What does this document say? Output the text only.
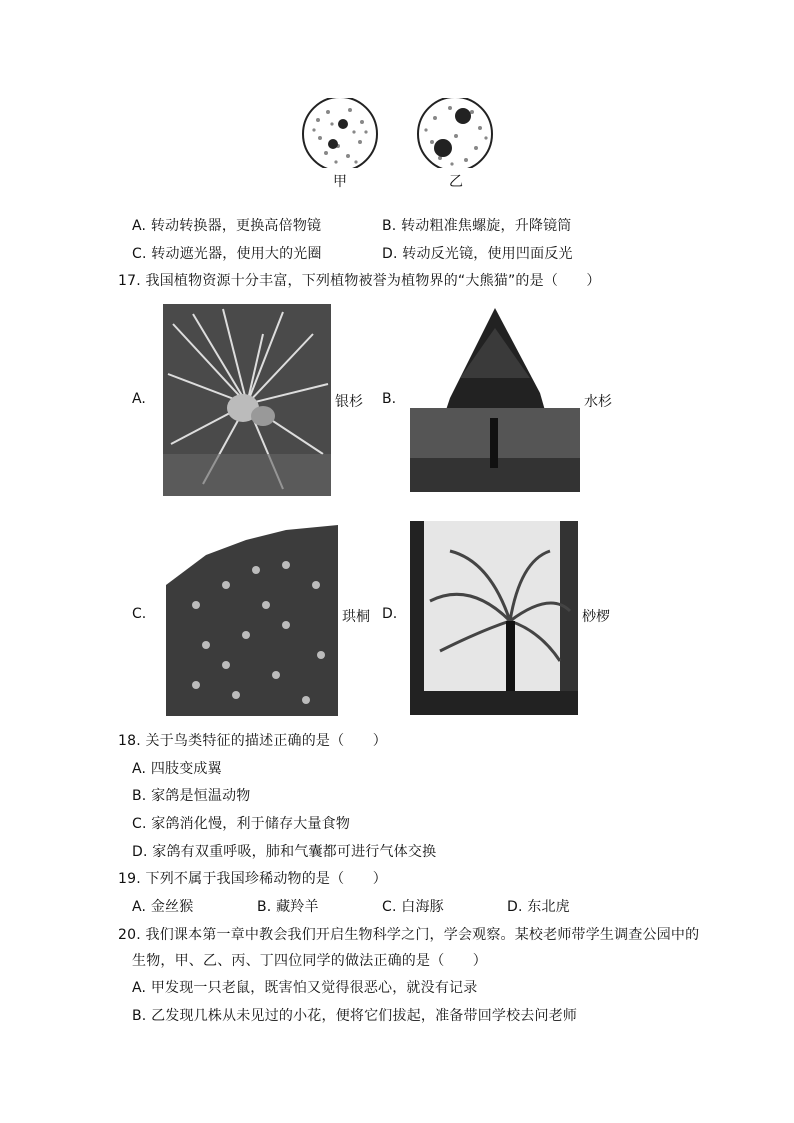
甲	乙
A. 转动转换器，更换高倍物镜	B. 转动粗准焦螺旋，升降镜筒
C. 转动遮光器，使用大的光圈	D. 转动反光镜，使用凹面反光
17. 我国植物资源十分丰富，下列植物被誉为植物界的“大熊猫”的是（　　）
A.	银杉 B.	水杉
C.	珙桐 D.	桫椤
18. 关于鸟类特征的描述正确的是（　　）
A. 四肢变成翼
B. 家鸽是恒温动物
C. 家鸽消化慢，利于储存大量食物
D. 家鸽有双重呼吸，肺和气囊都可进行气体交换
19. 下列不属于我国珍稀动物的是（　　）
A. 金丝猴	B. 藏羚羊	C. 白海豚	D. 东北虎
20. 我们课本第一章中教会我们开启生物科学之门，学会观察。某校老师带学生调查公园中的
生物，甲、乙、丙、丁四位同学的做法正确的是（　　）
A. 甲发现一只老鼠，既害怕又觉得很恶心，就没有记录
B. 乙发现几株从未见过的小花，便将它们拔起，准备带回学校去问老师
